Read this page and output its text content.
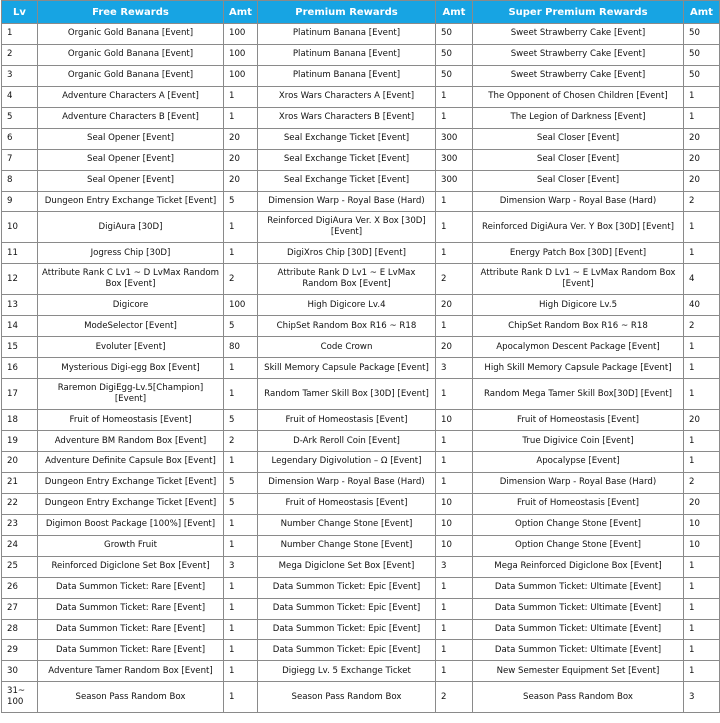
Lv	Free Rewards	Amt	Premium Rewards	Amt	Super Premium Rewards	Amt
1	Organic Gold Banana [Event]	100	Platinum Banana [Event]	50	Sweet Strawberry Cake [Event]	50
2	Organic Gold Banana [Event]	100	Platinum Banana [Event]	50	Sweet Strawberry Cake [Event]	50
3	Organic Gold Banana [Event]	100	Platinum Banana [Event]	50	Sweet Strawberry Cake [Event]	50
4	Adventure Characters A [Event]	1	Xros Wars Characters A [Event]	1	The Opponent of Chosen Children [Event]	1
5	Adventure Characters B [Event]	1	Xros Wars Characters B [Event]	1	The Legion of Darkness [Event]	1
6	Seal Opener [Event]	20	Seal Exchange Ticket [Event]	300	Seal Closer [Event]	20
7	Seal Opener [Event]	20	Seal Exchange Ticket [Event]	300	Seal Closer [Event]	20
8	Seal Opener [Event]	20	Seal Exchange Ticket [Event]	300	Seal Closer [Event]	20
9	Dungeon Entry Exchange Ticket [Event]	5	Dimension Warp - Royal Base (Hard)	1	Dimension Warp - Royal Base (Hard)	2
10	DigiAura [30D]	1	Reinforced DigiAura Ver. X Box [30D] [Event]	1	Reinforced DigiAura Ver. Y Box [30D] [Event]	1
11	Jogress Chip [30D]	1	DigiXros Chip [30D] [Event]	1	Energy Patch Box [30D] [Event]	1
12	Attribute Rank C Lv1 ~ D LvMax Random Box [Event]	2	Attribute Rank D Lv1 ~ E LvMax Random Box [Event]	2	Attribute Rank D Lv1 ~ E LvMax Random Box [Event]	4
13	Digicore	100	High Digicore Lv.4	20	High Digicore Lv.5	40
14	ModeSelector [Event]	5	ChipSet Random Box R16 ~ R18	1	ChipSet Random Box R16 ~ R18	2
15	Evoluter [Event]	80	Code Crown	20	Apocalymon Descent Package [Event]	1
16	Mysterious Digi-egg Box [Event]	1	Skill Memory Capsule Package [Event]	3	High Skill Memory Capsule Package [Event]	1
17	Raremon DigiEgg-Lv.5[Champion] [Event]	1	Random Tamer Skill Box [30D] [Event]	1	Random Mega Tamer Skill Box[30D] [Event]	1
18	Fruit of Homeostasis [Event]	5	Fruit of Homeostasis [Event]	10	Fruit of Homeostasis [Event]	20
19	Adventure BM Random Box [Event]	2	D-Ark Reroll Coin [Event]	1	True Digivice Coin [Event]	1
20	Adventure Definite Capsule Box [Event]	1	Legendary Digivolution – Ω [Event]	1	Apocalypse [Event]	1
21	Dungeon Entry Exchange Ticket [Event]	5	Dimension Warp - Royal Base (Hard)	1	Dimension Warp - Royal Base (Hard)	2
22	Dungeon Entry Exchange Ticket [Event]	5	Fruit of Homeostasis [Event]	10	Fruit of Homeostasis [Event]	20
23	Digimon Boost Package [100%] [Event]	1	Number Change Stone [Event]	10	Option Change Stone [Event]	10
24	Growth Fruit	1	Number Change Stone [Event]	10	Option Change Stone [Event]	10
25	Reinforced Digiclone Set Box [Event]	3	Mega Digiclone Set Box [Event]	3	Mega Reinforced Digiclone Box [Event]	1
26	Data Summon Ticket: Rare [Event]	1	Data Summon Ticket: Epic [Event]	1	Data Summon Ticket: Ultimate [Event]	1
27	Data Summon Ticket: Rare [Event]	1	Data Summon Ticket: Epic [Event]	1	Data Summon Ticket: Ultimate [Event]	1
28	Data Summon Ticket: Rare [Event]	1	Data Summon Ticket: Epic [Event]	1	Data Summon Ticket: Ultimate [Event]	1
29	Data Summon Ticket: Rare [Event]	1	Data Summon Ticket: Epic [Event]	1	Data Summon Ticket: Ultimate [Event]	1
30	Adventure Tamer Random Box [Event]	1	Digiegg Lv. 5 Exchange Ticket	1	New Semester Equipment Set [Event]	1
31~ 100	Season Pass Random Box	1	Season Pass Random Box	2	Season Pass Random Box	3
